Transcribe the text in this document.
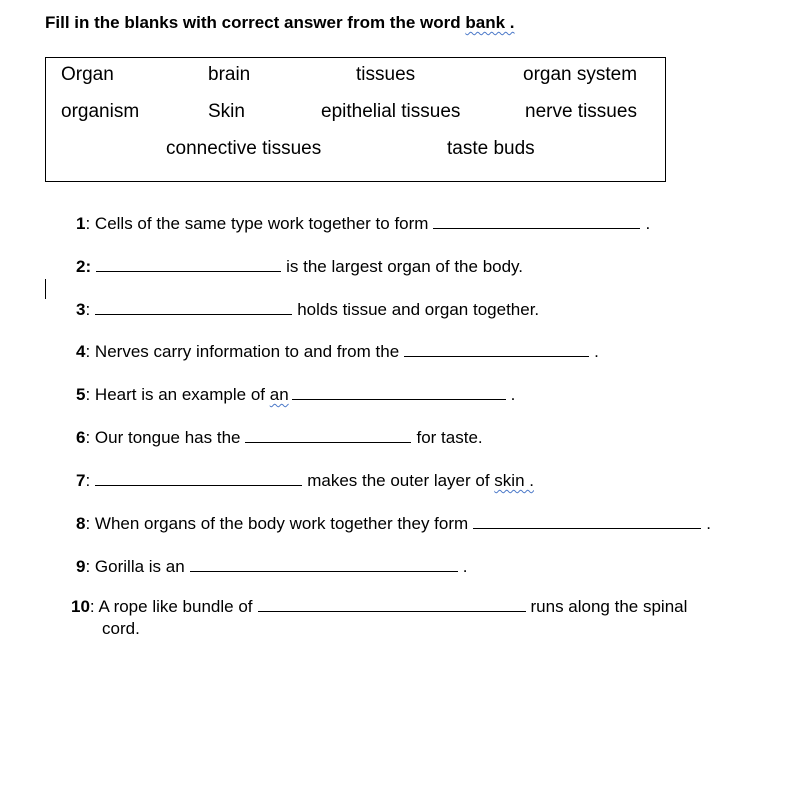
Fill in the blanks with correct answer from the word bank .
Organ	brain	tissues	organ system
organism	Skin	epithelial tissues	nerve tissues
connective tissues	taste buds
1: Cells of the same type work together to form	.
2:	is the largest organ of the body.
3:	holds tissue and organ together.
4: Nerves carry information to and from the	.
5: Heart is an example of an	.
6: Our tongue has the	for taste.
7:	makes the outer layer of skin .
8: When organs of the body work together they form	.
9: Gorilla is an	.
10: A rope like bundle of	runs along the spinal
cord.
